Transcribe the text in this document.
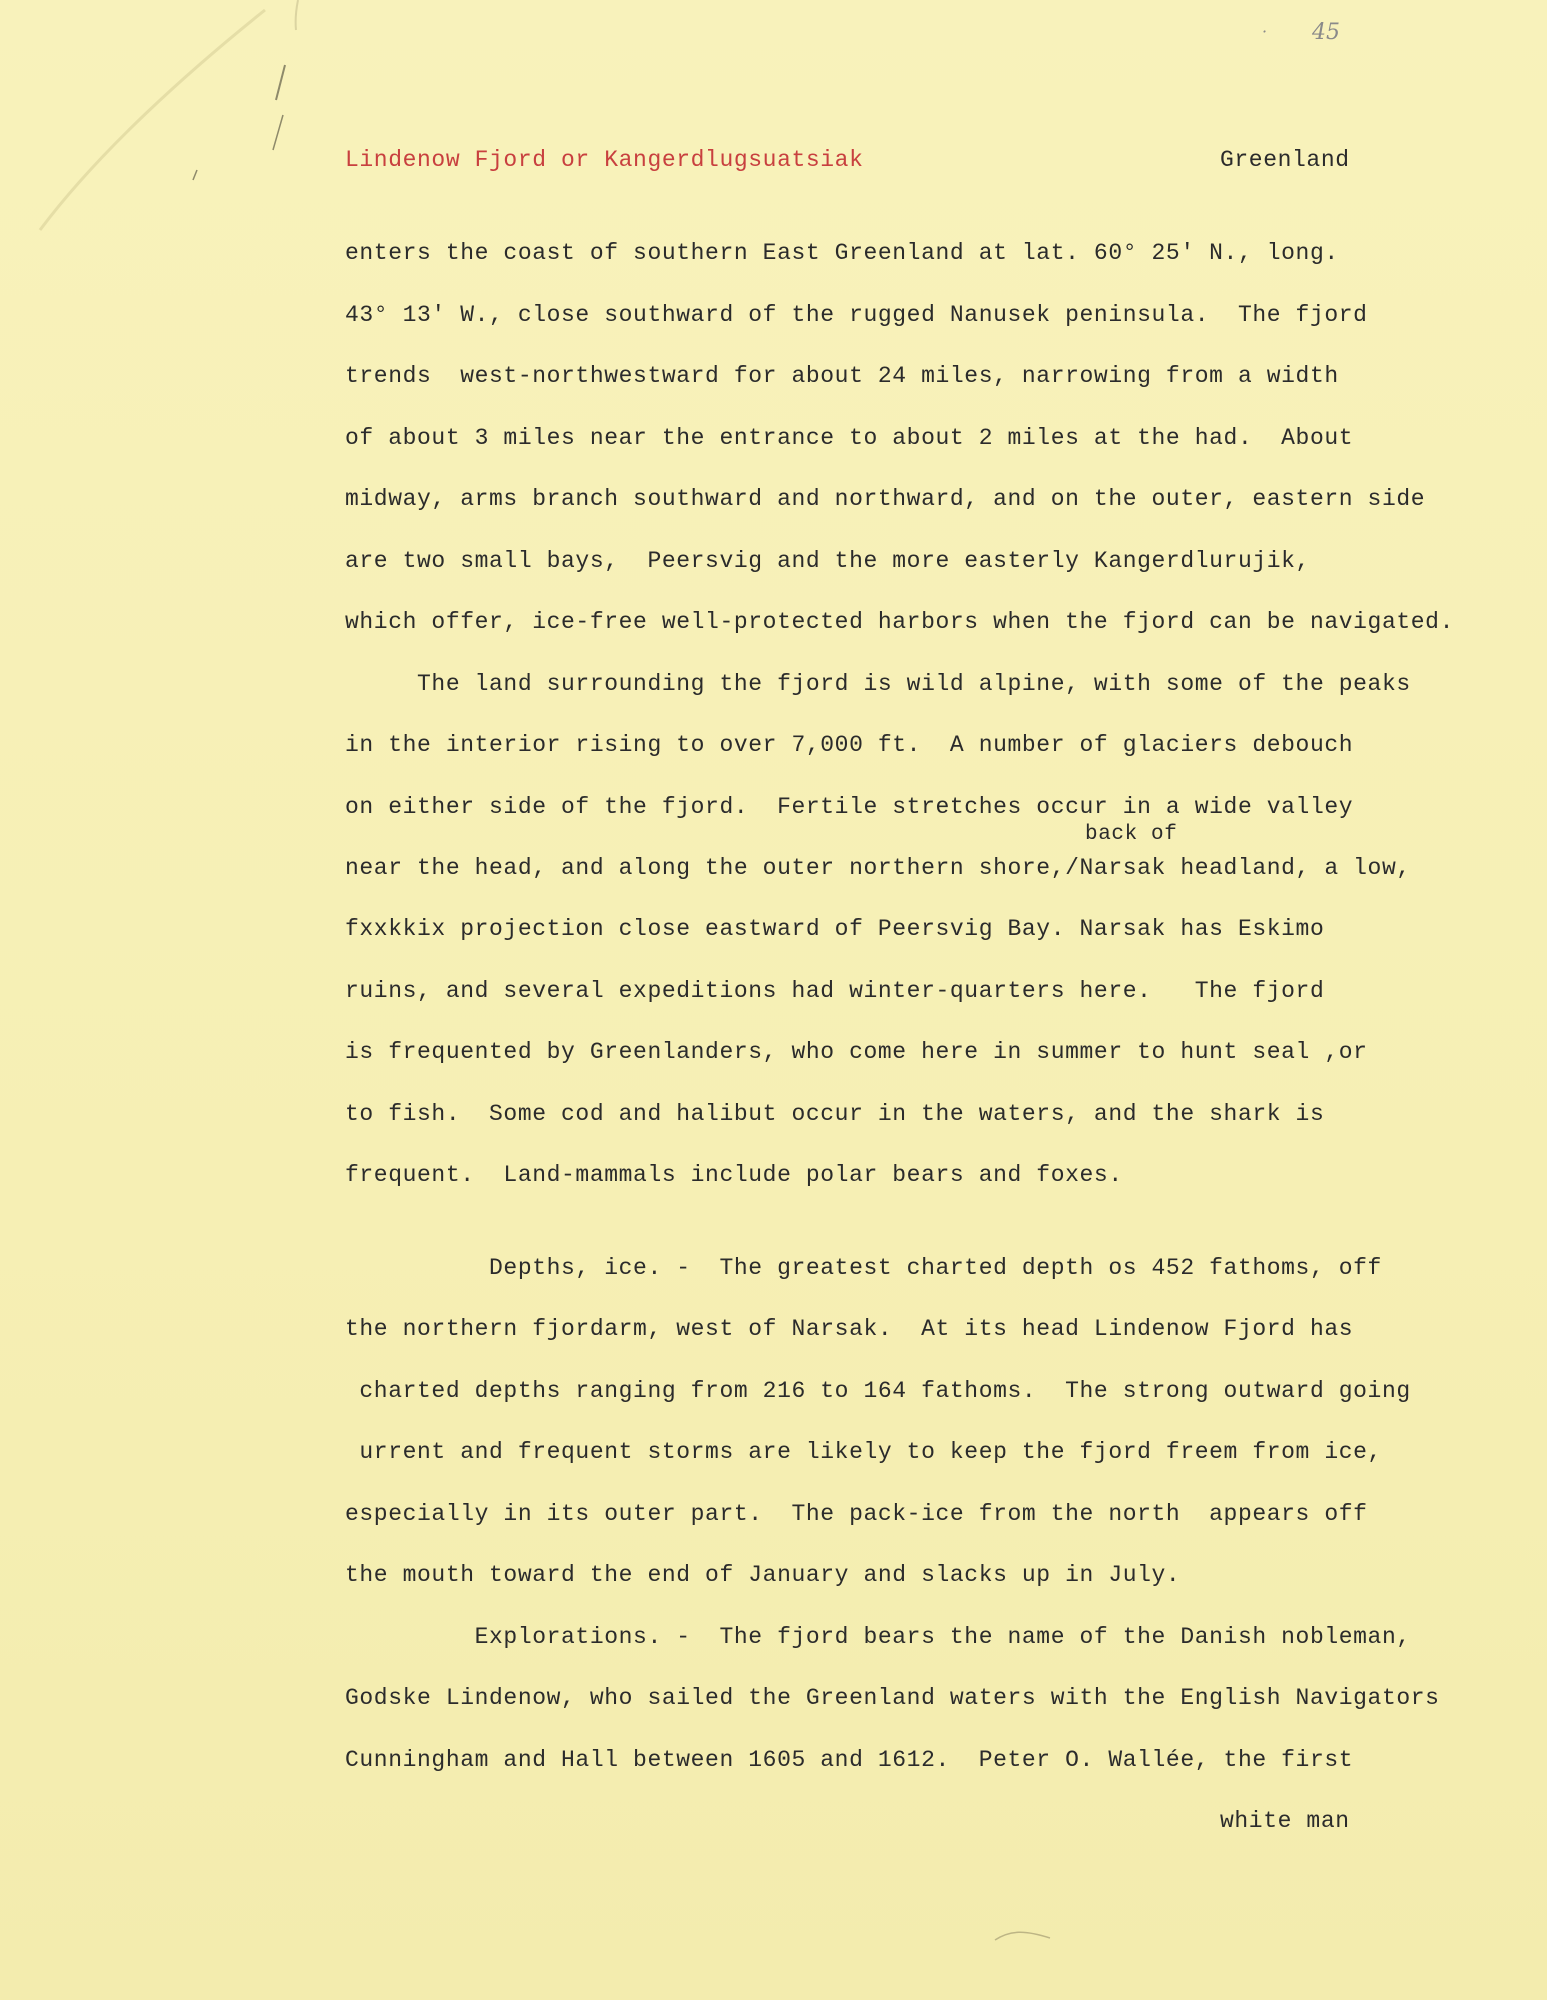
45
·
Lindenow Fjord or Kangerdlugsuatsiak	Greenland
enters the coast of southern East Greenland at lat. 60° 25' N., long.
43° 13' W., close southward of the rugged Nanusek peninsula.  The fjord
trends  west-northwestward for about 24 miles, narrowing from a width
of about 3 miles near the entrance to about 2 miles at the had.  About
midway, arms branch southward and northward, and on the outer, eastern side
are two small bays,  Peersvig and the more easterly Kangerdlurujik,
which offer, ice-free well-protected harbors when the fjord can be navigated.
The land surrounding the fjord is wild alpine, with some of the peaks
in the interior rising to over 7,000 ft.  A number of glaciers debouch
on either side of the fjord.  Fertile stretches occur in a wide valley
back of
near the head, and along the outer northern shore,/Narsak headland, a low,
fxxkkix projection close eastward of Peersvig Bay. Narsak has Eskimo
ruins, and several expeditions had winter-quarters here.   The fjord
is frequented by Greenlanders, who come here in summer to hunt seal ,or
to fish.  Some cod and halibut occur in the waters, and the shark is
frequent.  Land-mammals include polar bears and foxes.
Depths, ice. -  The greatest charted depth os 452 fathoms, off
the northern fjordarm, west of Narsak.  At its head Lindenow Fjord has
charted depths ranging from 216 to 164 fathoms.  The strong outward going
urrent and frequent storms are likely to keep the fjord freem from ice,
especially in its outer part.  The pack-ice from the north  appears off
the mouth toward the end of January and slacks up in July.
Explorations. -  The fjord bears the name of the Danish nobleman,
Godske Lindenow, who sailed the Greenland waters with the English Navigators
Cunningham and Hall between 1605 and 1612.  Peter O. Wallée, the first
white man
